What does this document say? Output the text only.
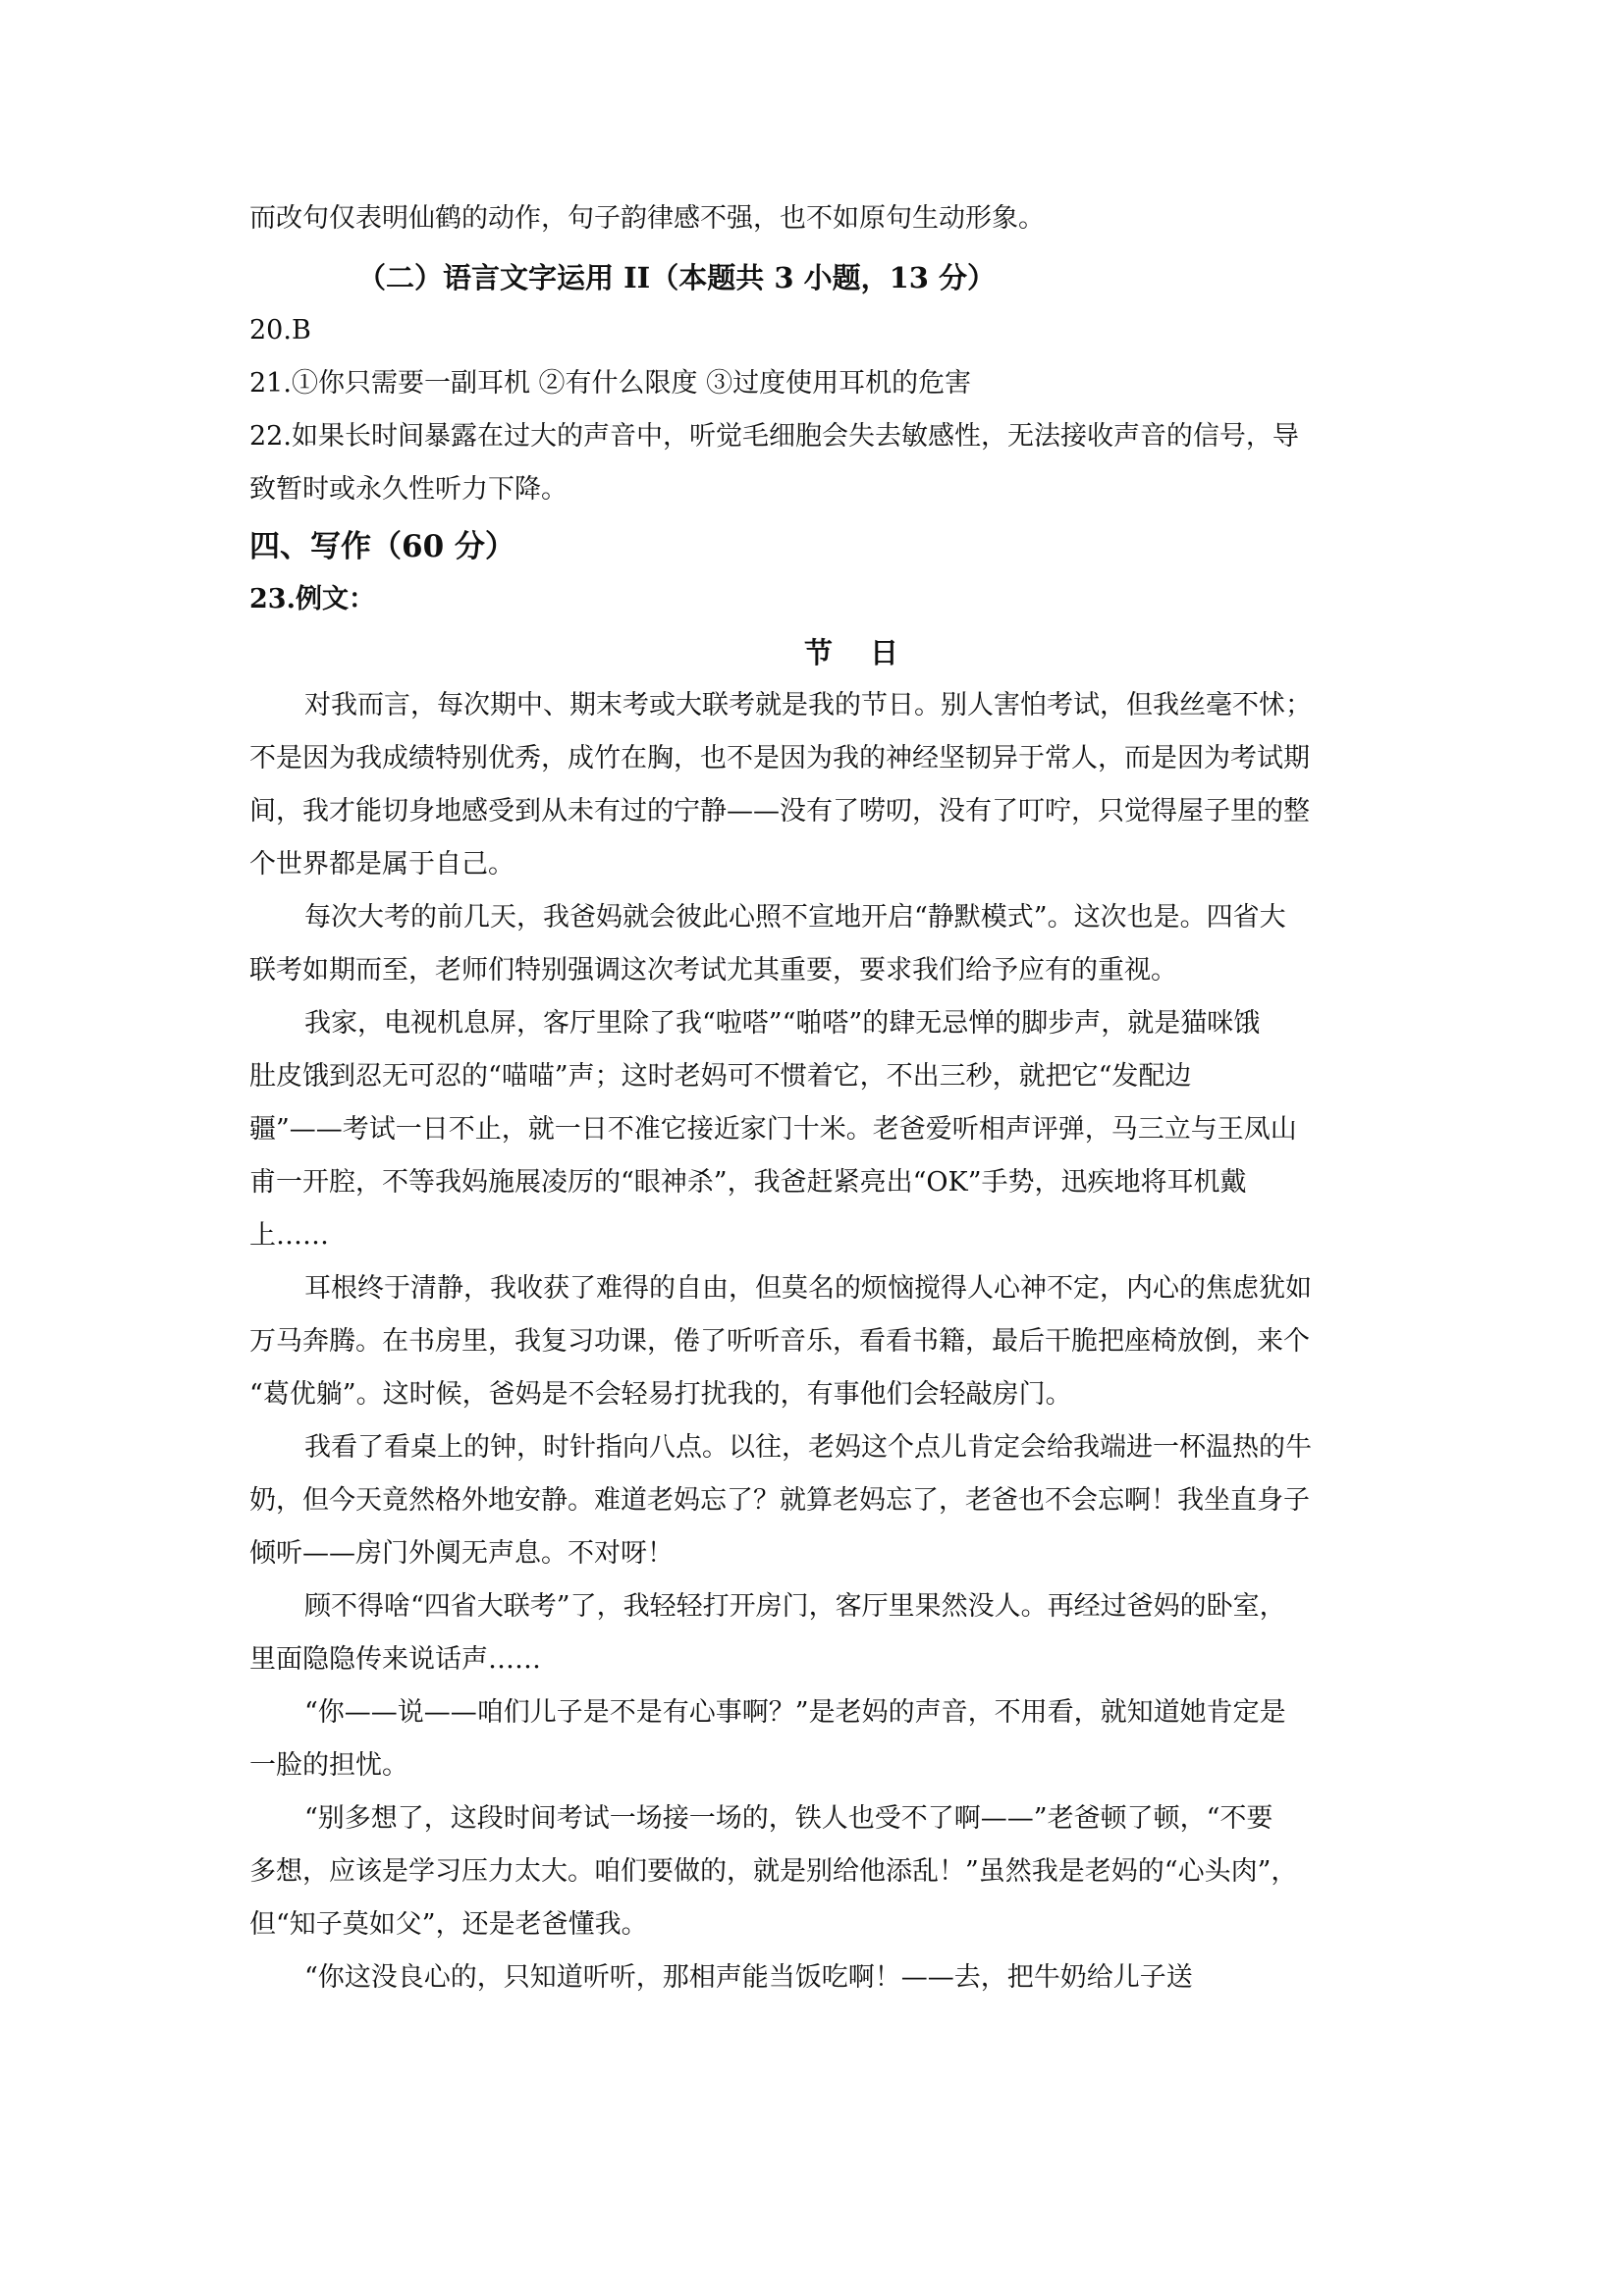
而改句仅表明仙鹤的动作，句子韵律感不强，也不如原句生动形象。
（二）语言文字运用 II（本题共 3 小题，13 分）
20.B
21.①你只需要一副耳机 ②有什么限度 ③过度使用耳机的危害
22.如果长时间暴露在过大的声音中，听觉毛细胞会失去敏感性，无法接收声音的信号，导
致暂时或永久性听力下降。
四、写作（60 分）
23.例文：
节 日
对我而言，每次期中、期末考或大联考就是我的节日。别人害怕考试，但我丝毫不怵；
不是因为我成绩特别优秀，成竹在胸，也不是因为我的神经坚韧异于常人，而是因为考试期
间，我才能切身地感受到从未有过的宁静——没有了唠叨，没有了叮咛，只觉得屋子里的整
个世界都是属于自己。
每次大考的前几天，我爸妈就会彼此心照不宣地开启“静默模式”。这次也是。四省大
联考如期而至，老师们特别强调这次考试尤其重要，要求我们给予应有的重视。
我家，电视机息屏，客厅里除了我“啦嗒”“啪嗒”的肆无忌惮的脚步声，就是猫咪饿
肚皮饿到忍无可忍的“喵喵”声；这时老妈可不惯着它，不出三秒，就把它“发配边
疆”——考试一日不止，就一日不准它接近家门十米。老爸爱听相声评弹，马三立与王凤山
甫一开腔，不等我妈施展凌厉的“眼神杀”，我爸赶紧亮出“OK”手势，迅疾地将耳机戴
上……
耳根终于清静，我收获了难得的自由，但莫名的烦恼搅得人心神不定，内心的焦虑犹如
万马奔腾。在书房里，我复习功课，倦了听听音乐，看看书籍，最后干脆把座椅放倒，来个
“葛优躺”。这时候，爸妈是不会轻易打扰我的，有事他们会轻敲房门。
我看了看桌上的钟，时针指向八点。以往，老妈这个点儿肯定会给我端进一杯温热的牛
奶，但今天竟然格外地安静。难道老妈忘了？就算老妈忘了，老爸也不会忘啊！我坐直身子
倾听——房门外阒无声息。不对呀！
顾不得啥“四省大联考”了，我轻轻打开房门，客厅里果然没人。再经过爸妈的卧室，
里面隐隐传来说话声……
“你——说——咱们儿子是不是有心事啊？”是老妈的声音，不用看，就知道她肯定是
一脸的担忧。
“别多想了，这段时间考试一场接一场的，铁人也受不了啊——”老爸顿了顿，“不要
多想，应该是学习压力太大。咱们要做的，就是别给他添乱！”虽然我是老妈的“心头肉”，
但“知子莫如父”，还是老爸懂我。
“你这没良心的，只知道听听，那相声能当饭吃啊！——去，把牛奶给儿子送
